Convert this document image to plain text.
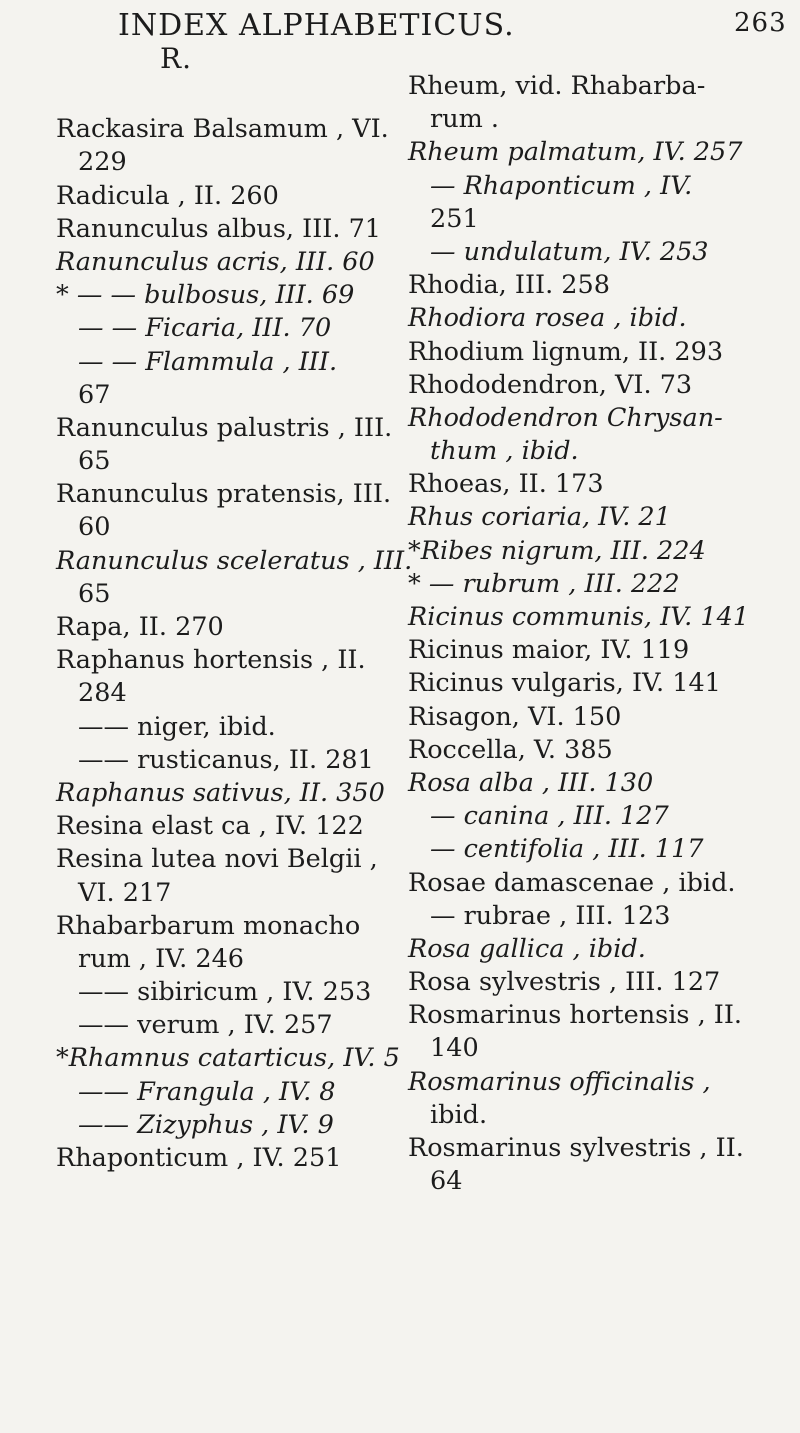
INDEX ALPHABETICUS.	263
R.
Rackasira Balsamum , VI.
229
Radicula , II. 260
Ranunculus albus, III. 71
Ranunculus acris, III. 60
* — — bulbosus, III. 69
— — Ficaria, III. 70
— — Flammula , III.
67
Ranunculus palustris , III.
65
Ranunculus pratensis, III.
60
Ranunculus sceleratus , III.
65
Rapa, II. 270
Raphanus hortensis , II.
284
—— niger, ibid.
—— rusticanus, II. 281
Raphanus sativus, II. 350
Resina elast ca , IV. 122
Resina lutea novi Belgii ,
VI. 217
Rhabarbarum monacho
rum , IV. 246
—— sibiricum , IV. 253
—— verum , IV. 257
*Rhamnus catarticus, IV. 5
—— Frangula , IV. 8
—— Zizyphus , IV. 9
Rhaponticum , IV. 251
Rheum, vid. Rhabarba-
rum .
Rheum palmatum, IV. 257
— Rhaponticum , IV.
251
— undulatum, IV. 253
Rhodia, III. 258
Rhodiora rosea , ibid.
Rhodium lignum, II. 293
Rhododendron, VI. 73
Rhododendron Chrysan-
thum , ibid.
Rhoeas, II. 173
Rhus coriaria, IV. 21
*Ribes nigrum, III. 224
* — rubrum , III. 222
Ricinus communis, IV. 141
Ricinus maior, IV. 119
Ricinus vulgaris, IV. 141
Risagon, VI. 150
Roccella, V. 385
Rosa alba , III. 130
— canina , III. 127
— centifolia , III. 117
Rosae damascenae , ibid.
— rubrae , III. 123
Rosa gallica , ibid.
Rosa sylvestris , III. 127
Rosmarinus hortensis , II.
140
Rosmarinus officinalis ,
ibid.
Rosmarinus sylvestris , II.
64
